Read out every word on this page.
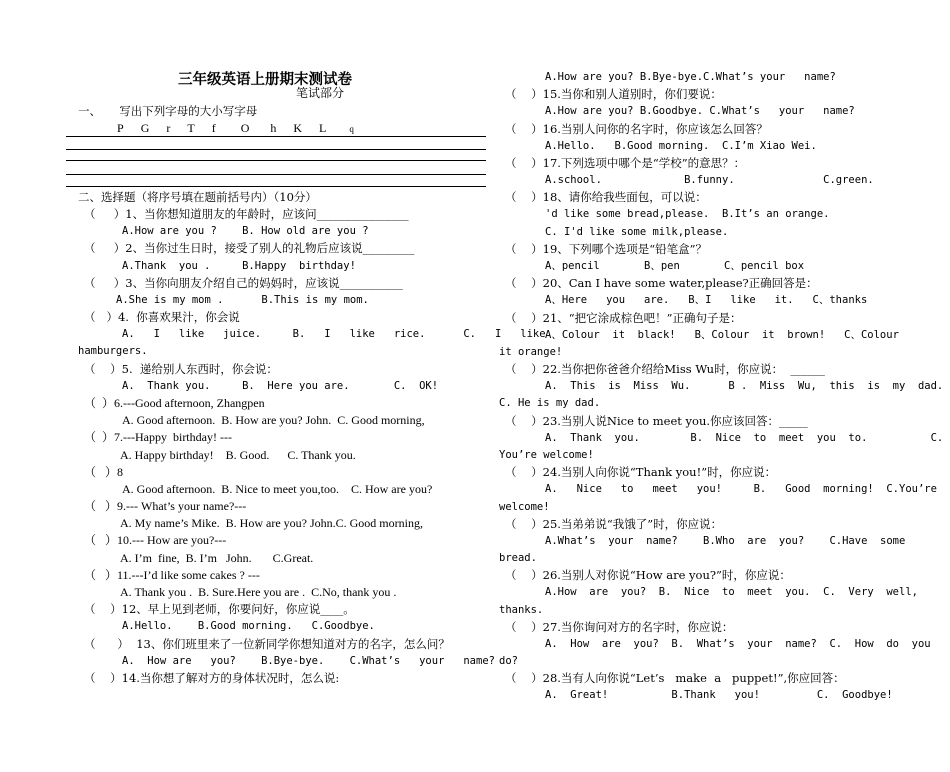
三年级英语上册期末测试卷
笔试部分
一、     写出下列字母的大小写字母
P G r T f O h K L	q
二、选择题（将序号填在题前括号内）（10分）
（     ）1、当你想知道朋友的年龄时，应该问________________
A.How are you ?    B. How old are you ?
（     ）2、当你过生日时，接受了别人的礼物后应该说_________
A.Thank  you .     B.Happy  birthday!
（     ）3、当你向朋友介绍自己的妈妈时，应该说___________
A.She is my mom .      B.This is my mom.
（   ）4.  你喜欢果汁，你会说
A.   I   like   juice.     B.   I   like   rice.      C.   I   like
hamburgers.
（    ）5.  递给别人东西时，你会说：
A.  Thank you.     B.  Here you are.       C.  OK!
（  ）6.---Good afternoon, Zhangpen
A. Good afternoon.  B. How are you? John.  C. Good morning,
（  ）7.---Happy  birthday! ---
A. Happy birthday!    B. Good.      C. Thank you.
（   ）8
A. Good afternoon.  B. Nice to meet you,too.    C. How are you?
（   ）9.--- What’s your name?---
A. My name’s Mike.  B. How are you? John.C. Good morning,
（   ）10.--- How are you?---
A. I’m  fine,  B. I’m   John.       C.Great.
（   ）11.---I’d like some cakes ? ---
A. Thank you .  B. Sure.Here you are .  C.No, thank you .
（    ）12、早上见到老师，你要问好，你应说____。
A.Hello.    B.Good morning.   C.Goodbye.
（      ）  13、你们班里来了一位新同学你想知道对方的名字，怎么问？
A.  How are   you?    B.Bye-bye.    C.What’s   your   name?
（    ）14.当你想了解对方的身体状况时，怎么说:
A.How are you? B.Bye-bye.C.What’s your   name?
（    ）15.当你和别人道别时，你们要说：
A.How are you? B.Goodbye. C.What’s   your   name?
（    ）16.当别人问你的名字时，你应该怎么回答？
A.Hello.   B.Good morning.  C.I’m Xiao Wei.
（    ）17.下列选项中哪个是“学校”的意思？：
A.school.             B.funny.              C.green.
（    ）18、请你给我些面包，可以说：
'd like some bread,please.  B.It’s an orange.
C. I'd like some milk,please.
（    ）19、下列哪个选项是“铅笔盒”？
A、pencil       B、pen       C、pencil box
（    ）20、Can I have some water,please?正确回答是：
A、Here   you   are.   B、I   like   it.   C、thanks
（    ）21、“把它涂成棕色吧！”正确句子是：
A、Colour  it  black!   B、Colour  it  brown!   C、Colour
it orange!
（    ）22.当你把你爸爸介绍给Miss Wu时，你应说：  ______
A.  This  is  Miss  Wu.      B .  Miss  Wu,  this  is  my  dad.
C. He is my dad.
（    ）23.当别人说Nice to meet you.你应该回答：_____
A.  Thank  you.        B.  Nice  to  meet  you  to.          C.
You’re welcome!
（    ）24.当别人向你说“Thank you!”时，你应说：
A.   Nice   to   meet   you!     B.   Good  morning!  C.You’re
welcome!
（    ）25.当弟弟说“我饿了”时，你应说：
A.What’s  your  name?    B.Who  are  you?    C.Have  some
bread.
（    ）26.当别人对你说“How are you?”时，你应说：
A.How  are  you?  B.  Nice  to  meet  you.  C.  Very  well,
thanks.
（    ）27.当你询问对方的名字时，你应说：
A.  How  are  you?  B.  What’s  your  name?  C.  How  do  you
do?
（    ）28.当有人向你说“Let’s   make  a   puppet!”,你应回答：
A.  Great!          B.Thank   you!         C.  Goodbye!
